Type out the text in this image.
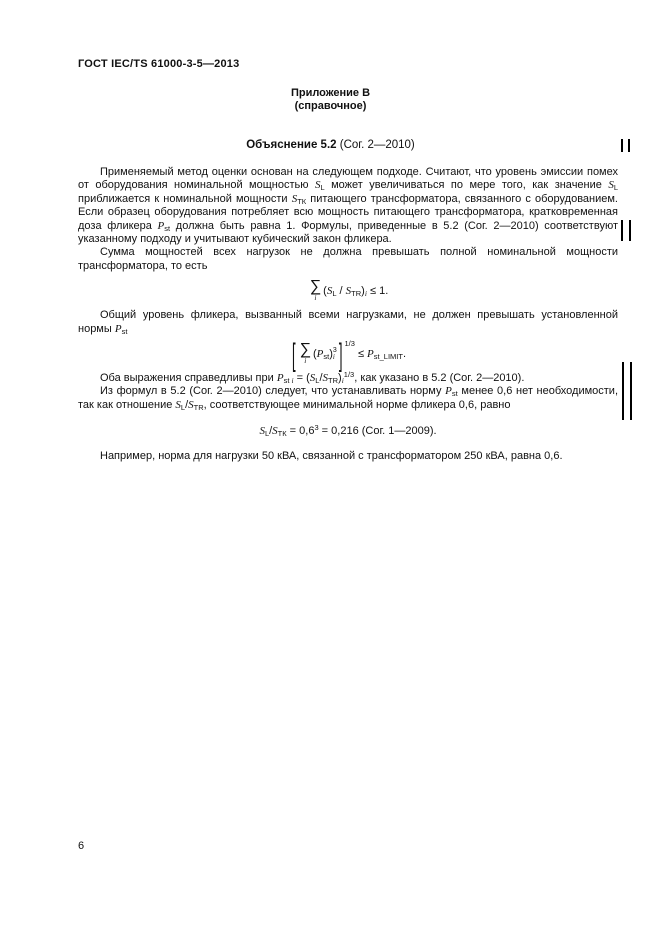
ГОСТ IEC/TS 61000-3-5—2013
Приложение В
(справочное)
Объяснение 5.2 (Сог. 2—2010)

Применяемый метод оценки основан на следующем подходе. Считают, что уровень эмиссии помех от оборудования номинальной мощностью $S_L$ может увеличиваться по мере того, как значение $S_L$ приближается к номинальной мощности $S_{ТК}$ питающего трансформатора, связанного с оборудованием. Если образец оборудования потребляет всю мощность питающего трансформатора, кратковременная доза фликера $P_{st}$ должна быть равна 1. Формулы, приведенные в 5.2 (Сог. 2—2010) соответствуют указанному подходу и учитывают кубический закон фликера.

Сумма мощностей всех нагрузок не должна превышать полной номинальной мощности трансформатора, то есть

∑
i
$(S_L / S_{TR})_i \le 1$.

Общий уровень фликера, вызванный всеми нагрузками, не должен превышать установленной нормы $P_{st}$

[ ∑
i
$(P_{st})$ 3
i ] $^{1/3} \le P_{st\_LIMIT}$.

Оба выражения справедливы при $P_{st}$ $_i = (S_L/S_{TR})_i^{1/3}$, как указано в 5.2 (Сог. 2—2010).

Из формул в 5.2 (Сог. 2—2010) следует, что устанавливать норму $P_{st}$ менее 0,6 нет необходимости, так как отношение $S_L/S_{TR}$, соответствующее минимальной норме фликера 0,6, равно

$S_L/S_{ТК} = 0,6^3 = 0,216$ (Сог. 1—2009).

Например, норма для нагрузки 50 кВА, связанной с трансформатором 250 кВА, равна 0,6.

6
